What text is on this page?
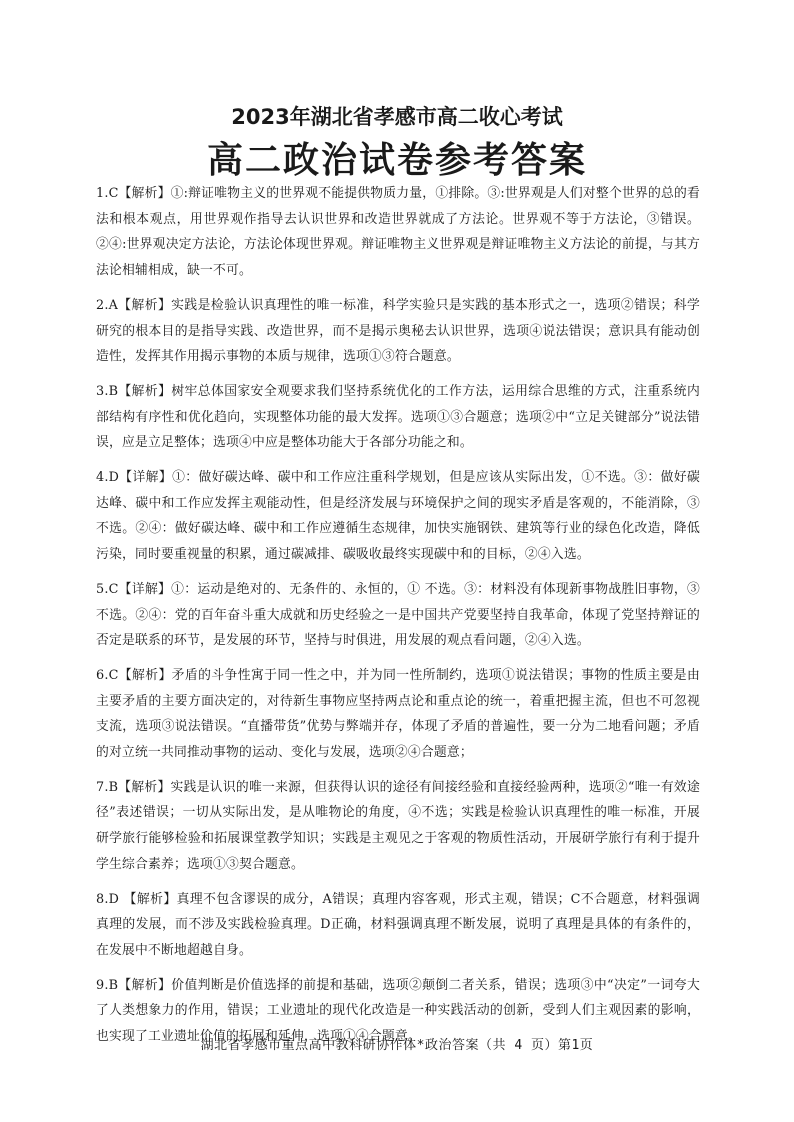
2023年湖北省孝感市高二收心考试
高二政治试卷参考答案

1.C【解析】①:辩证唯物主义的世界观不能提供物质力量，①排除。③:世界观是人们对整个世界的总的看法和根本观点，用世界观作指导去认识世界和改造世界就成了方法论。世界观不等于方法论，③错误。②④:世界观决定方法论，方法论体现世界观。辩证唯物主义世界观是辩证唯物主义方法论的前提，与其方法论相辅相成，缺一不可。

2.A【解析】实践是检验认识真理性的唯一标准，科学实验只是实践的基本形式之一，选项②错误；科学研究的根本目的是指导实践、改造世界，而不是揭示奥秘去认识世界，选项④说法错误；意识具有能动创造性，发挥其作用揭示事物的本质与规律，选项①③符合题意。

3.B【解析】树牢总体国家安全观要求我们坚持系统优化的工作方法，运用综合思维的方式，注重系统内部结构有序性和优化趋向，实现整体功能的最大发挥。选项①③合题意；选项②中“立足关键部分”说法错误，应是立足整体；选项④中应是整体功能大于各部分功能之和。

4.D【详解】①：做好碳达峰、碳中和工作应注重科学规划，但是应该从实际出发，①不选。③：做好碳达峰、碳中和工作应发挥主观能动性，但是经济发展与环境保护之间的现实矛盾是客观的，不能消除，③不选。②④：做好碳达峰、碳中和工作应遵循生态规律，加快实施钢铁、建筑等行业的绿色化改造，降低污染，同时要重视量的积累，通过碳减排、碳吸收最终实现碳中和的目标，②④入选。

5.C【详解】①：运动是绝对的、无条件的、永恒的，① 不选。③：材料没有体现新事物战胜旧事物，③不选。②④：党的百年奋斗重大成就和历史经验之一是中国共产党要坚持自我革命，体现了党坚持辩证的否定是联系的环节，是发展的环节，坚持与时俱进，用发展的观点看问题，②④入选。

6.C【解析】矛盾的斗争性寓于同一性之中，并为同一性所制约，选项①说法错误；事物的性质主要是由主要矛盾的主要方面决定的，对待新生事物应坚持两点论和重点论的统一，着重把握主流，但也不可忽视支流，选项③说法错误。“直播带货”优势与弊端并存，体现了矛盾的普遍性，要一分为二地看问题；矛盾的对立统一共同推动事物的运动、变化与发展，选项②④合题意；

7.B【解析】实践是认识的唯一来源，但获得认识的途径有间接经验和直接经验两种，选项②“唯一有效途径”表述错误；一切从实际出发，是从唯物论的角度，④不选；实践是检验认识真理性的唯一标准，开展研学旅行能够检验和拓展课堂教学知识；实践是主观见之于客观的物质性活动，开展研学旅行有利于提升学生综合素养；选项①③契合题意。

8.D 【解析】真理不包含谬误的成分，A错误；真理内容客观，形式主观，错误；C不合题意，材料强调真理的发展，而不涉及实践检验真理。D正确，材料强调真理不断发展，说明了真理是具体的有条件的，在发展中不断地超越自身。

9.B【解析】价值判断是价值选择的前提和基础，选项②颠倒二者关系，错误；选项③中“决定”一词夸大了人类想象力的作用，错误；工业遗址的现代化改造是一种实践活动的创新，受到人们主观因素的影响，也实现了工业遗址价值的拓展和延伸，选项①④合题意。

湖北省孝感市重点高中教科研协作体*政治答案（共 4 页）第1页
